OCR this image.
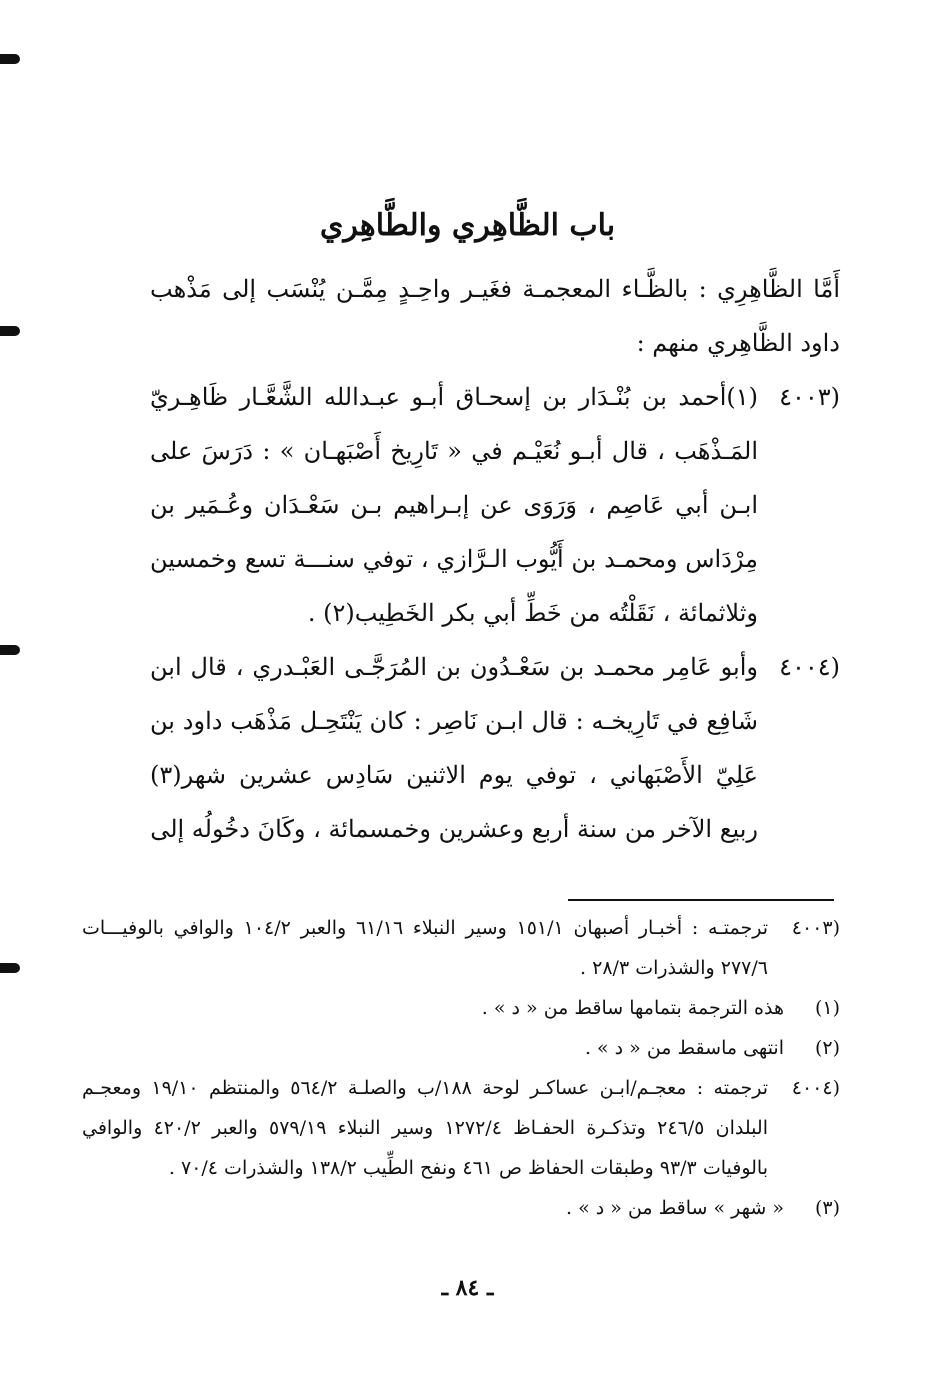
باب الظَّاهِري والطَّاهِري

أَمَّا الظَّاهِرِي : بالظَّـاء المعجمـة فغَيـر واحِـدٍ مِمَّـن يُنْسَب إلى مَذْهب داود الظَّاهِري منهم :

(٤٠٠٣
(١)أحمد بن بُنْـدَار بن إسحـاق أبـو عبـدالله الشَّعَّـار ظَاهِـريّ المَـذْهَب ، قال أبـو نُعَيْـم في « تَارِيخ أَصْبَهـان » : دَرَسَ على ابـن أبي عَاصِم ، وَرَوَى عن إبـراهيم بـن سَعْـدَان وعُـمَير بن مِرْدَاس ومحمـد بن أَيُّوب الـرَّازي ، توفي سنـــة تسع وخمسين وثلاثمائة ، نَقَلْتُه من خَطِّ أبي بكر الخَطِيب(٢) .
(٤٠٠٤
وأبو عَامِر محمـد بن سَعْـدُون بن المُرَجَّـى العَبْـدري ، قال ابن شَافِع في تَارِيخـه : قال ابـن نَاصِر : كان يَنْتَحِـل مَذْهَب داود بن عَلِيّ الأَصْبَهاني ، توفي يوم الاثنين سَادِس عشرين شهر(٣) ربيع الآخر من سنة أربع وعشرين وخمسمائة ، وكَانَ دخُولُه إلى
(٤٠٠٣
ترجمتـه : أخبـار أصبهان ١٥١/١ وسير النبلاء ٦١/١٦ والعبر ١٠٤/٢ والوافي بالوفيـــات ٢٧٧/٦ والشذرات ٢٨/٣ .
(١)
هذه الترجمة بتمامها ساقط من « د » .
(٢)
انتهى ماسقط من « د » .
(٤٠٠٤
ترجمته : معجـم/ابـن عساكـر لوحة ١٨٨/ب والصلـة ٥٦٤/٢ والمنتظم ١٩/١٠ ومعجـم البلدان ٢٤٦/٥ وتذكـرة الحفـاظ ١٢٧٢/٤ وسير النبلاء ٥٧٩/١٩ والعبر ٤٢٠/٢ والوافي بالوفيات ٩٣/٣ وطبقات الحفاظ ص ٤٦١ ونفح الطِّيب ١٣٨/٢ والشذرات ٧٠/٤ .
(٣)
« شهر » ساقط من « د » .
ـ ٨٤ ـ
